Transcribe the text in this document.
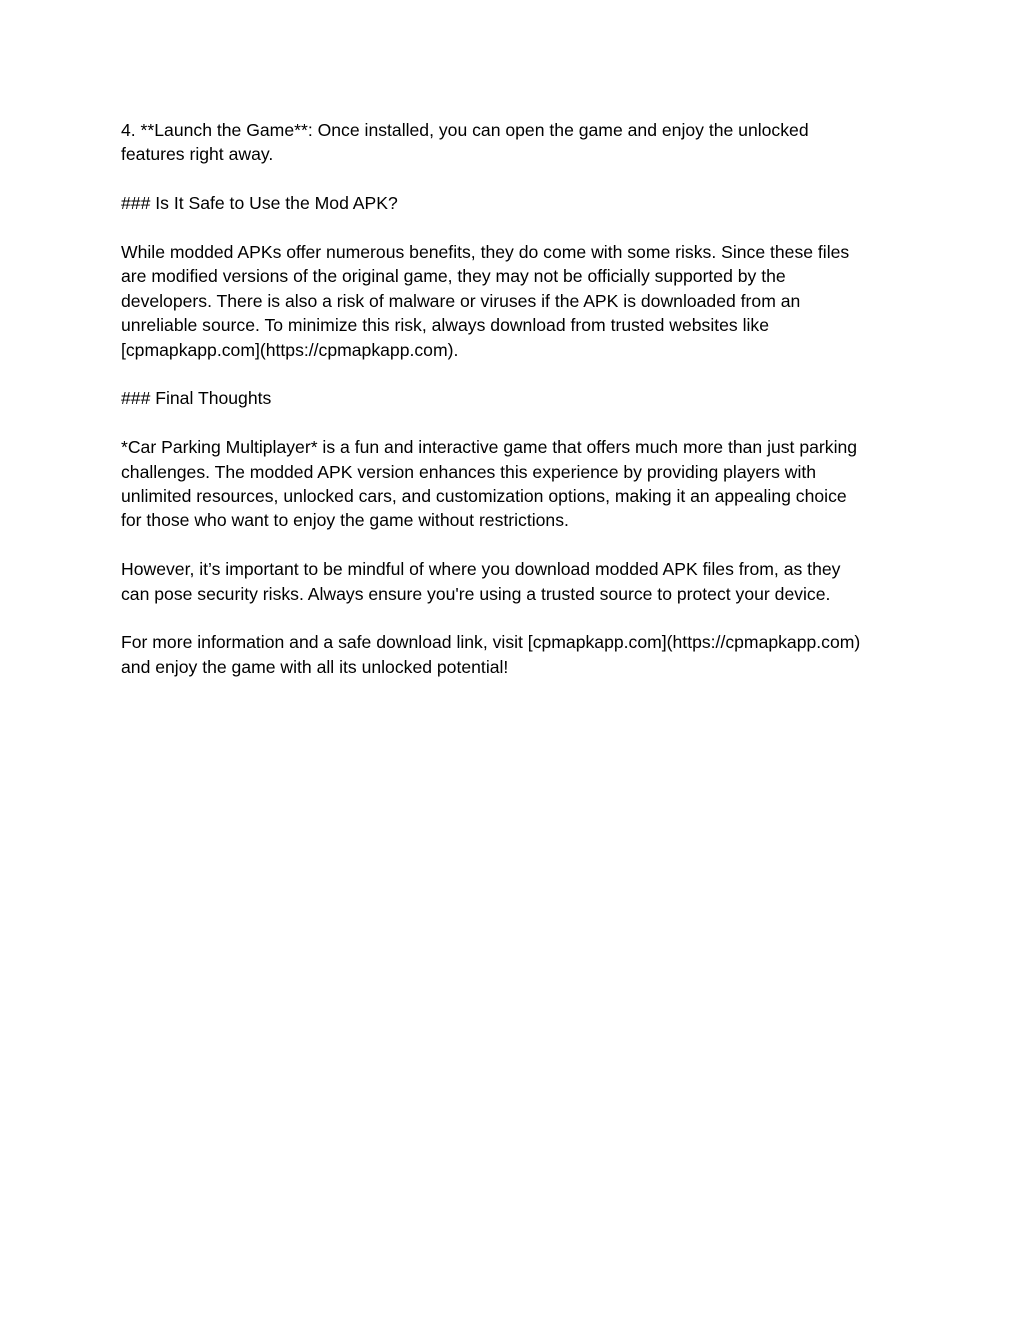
4. **Launch the Game**: Once installed, you can open the game and enjoy the unlocked
features right away.

### Is It Safe to Use the Mod APK?

While modded APKs offer numerous benefits, they do come with some risks. Since these files
are modified versions of the original game, they may not be officially supported by the
developers. There is also a risk of malware or viruses if the APK is downloaded from an
unreliable source. To minimize this risk, always download from trusted websites like
[cpmapkapp.com](https://cpmapkapp.com).

### Final Thoughts

*Car Parking Multiplayer* is a fun and interactive game that offers much more than just parking
challenges. The modded APK version enhances this experience by providing players with
unlimited resources, unlocked cars, and customization options, making it an appealing choice
for those who want to enjoy the game without restrictions.

However, it’s important to be mindful of where you download modded APK files from, as they
can pose security risks. Always ensure you're using a trusted source to protect your device.

For more information and a safe download link, visit [cpmapkapp.com](https://cpmapkapp.com)
and enjoy the game with all its unlocked potential!
